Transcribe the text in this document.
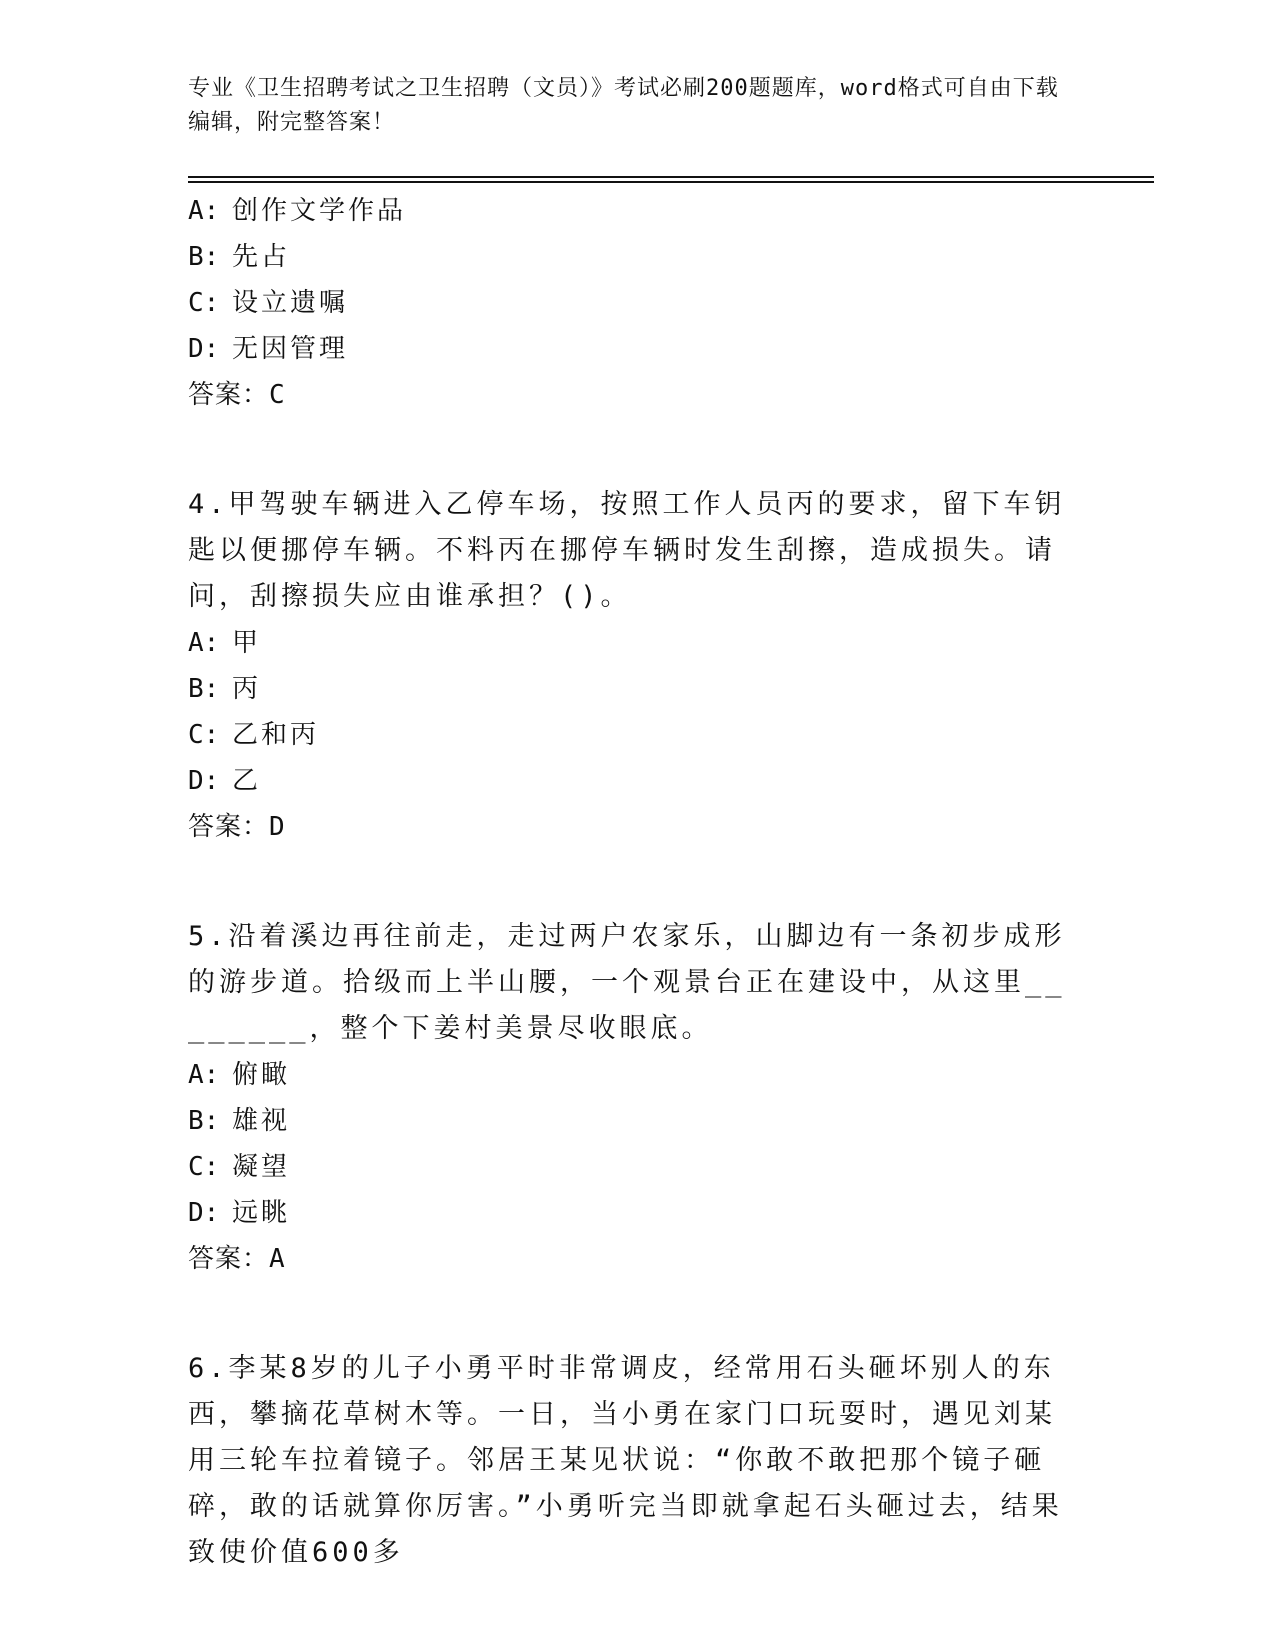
专业《卫生招聘考试之卫生招聘（文员）》考试必刷200题题库，word格式可自由下载编辑，附完整答案！
A: 创作文学作品
B: 先占
C: 设立遗嘱
D: 无因管理
答案：C
4.甲驾驶车辆进入乙停车场，按照工作人员丙的要求，留下车钥匙以便挪停车辆。不料丙在挪停车辆时发生刮擦，造成损失。请问，刮擦损失应由谁承担？()。
A: 甲
B: 丙
C: 乙和丙
D: 乙
答案：D
5.沿着溪边再往前走，走过两户农家乐，山脚边有一条初步成形的游步道。拾级而上半山腰，一个观景台正在建设中，从这里________，整个下姜村美景尽收眼底。
A: 俯瞰
B: 雄视
C: 凝望
D: 远眺
答案：A
6.李某8岁的儿子小勇平时非常调皮，经常用石头砸坏别人的东西，攀摘花草树木等。一日，当小勇在家门口玩耍时，遇见刘某用三轮车拉着镜子。邻居王某见状说：“你敢不敢把那个镜子砸碎，敢的话就算你厉害。”小勇听完当即就拿起石头砸过去，结果致使价值600多
